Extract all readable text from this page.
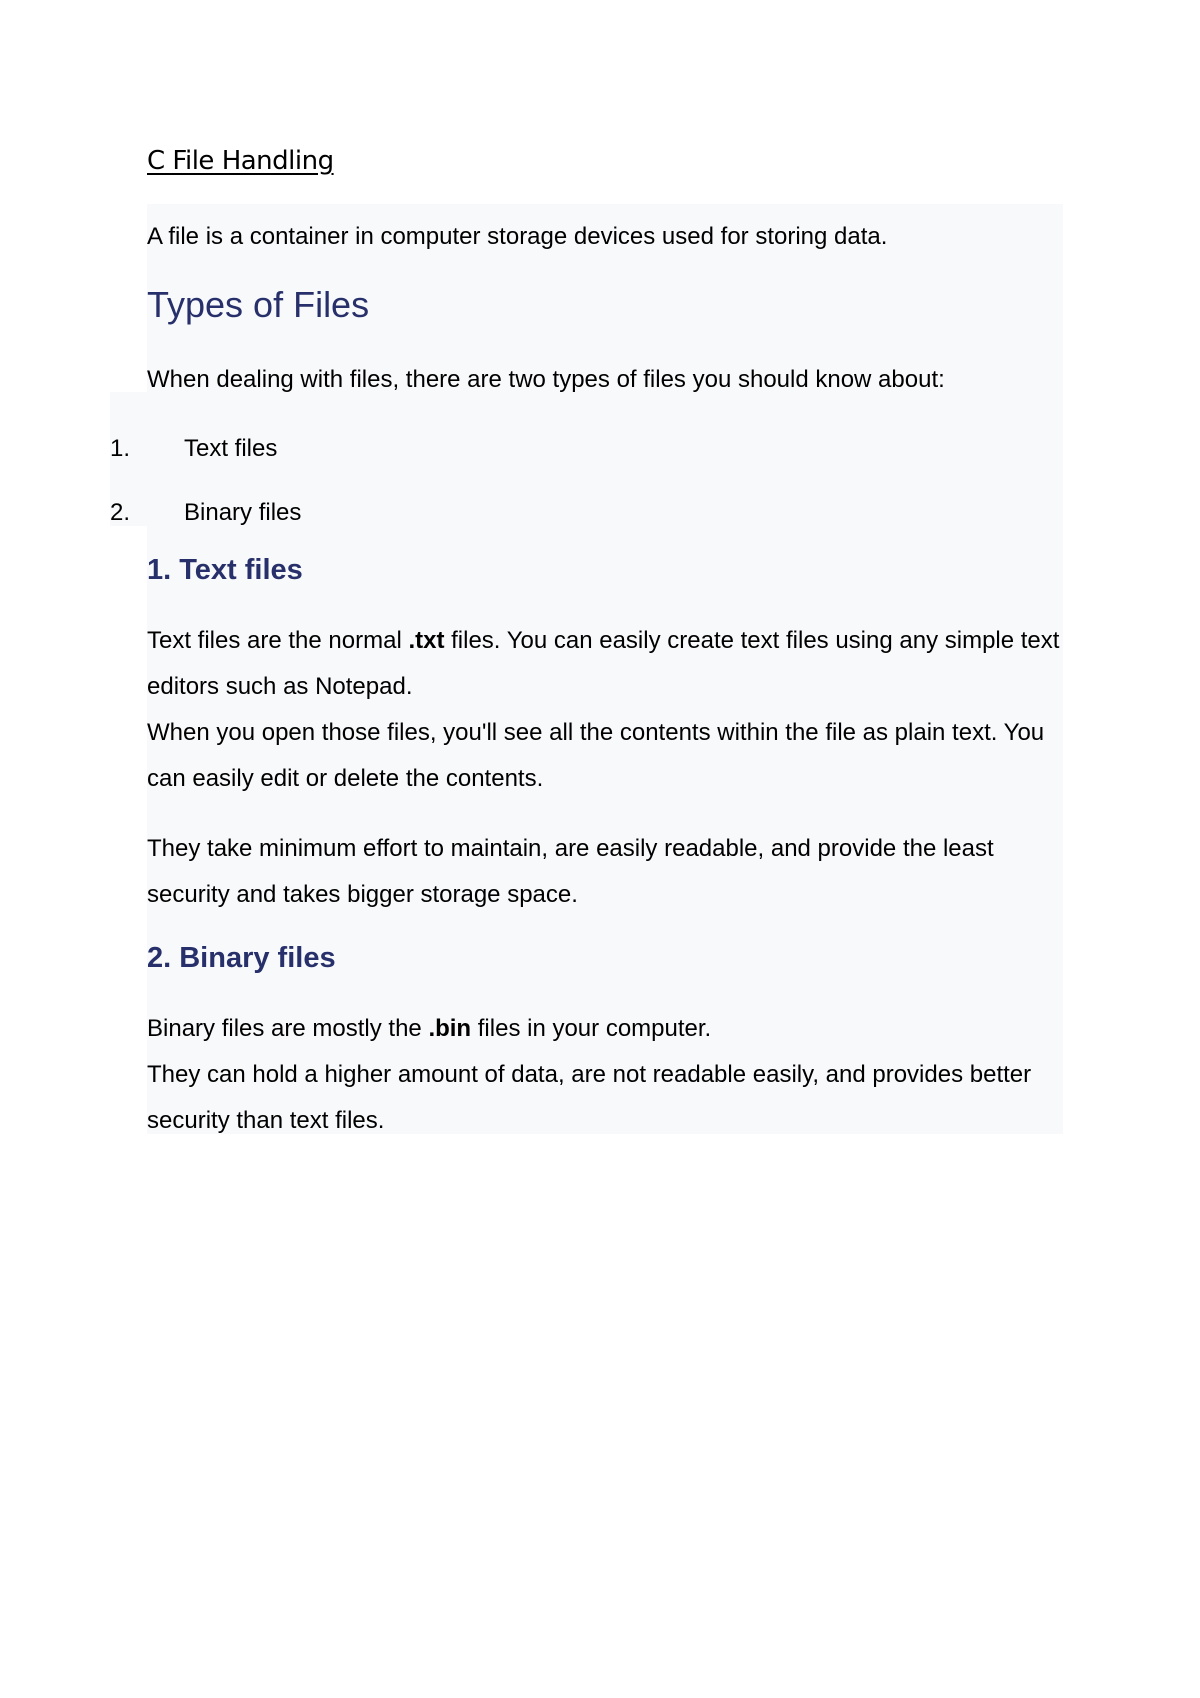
C File Handling

A file is a container in computer storage devices used for storing data.

Types of Files

When dealing with files, there are two types of files you should know about:

1.	Text files
2.	Binary files
1. Text files
Text files are the normal .txt files. You can easily create text files using any simple text editors such as Notepad.
When you open those files, you'll see all the contents within the file as plain text. You can easily edit or delete the contents.

They take minimum effort to maintain, are easily readable, and provide the least security and takes bigger storage space.

2. Binary files
Binary files are mostly the .bin files in your computer.
They can hold a higher amount of data, are not readable easily, and provides better security than text files.
